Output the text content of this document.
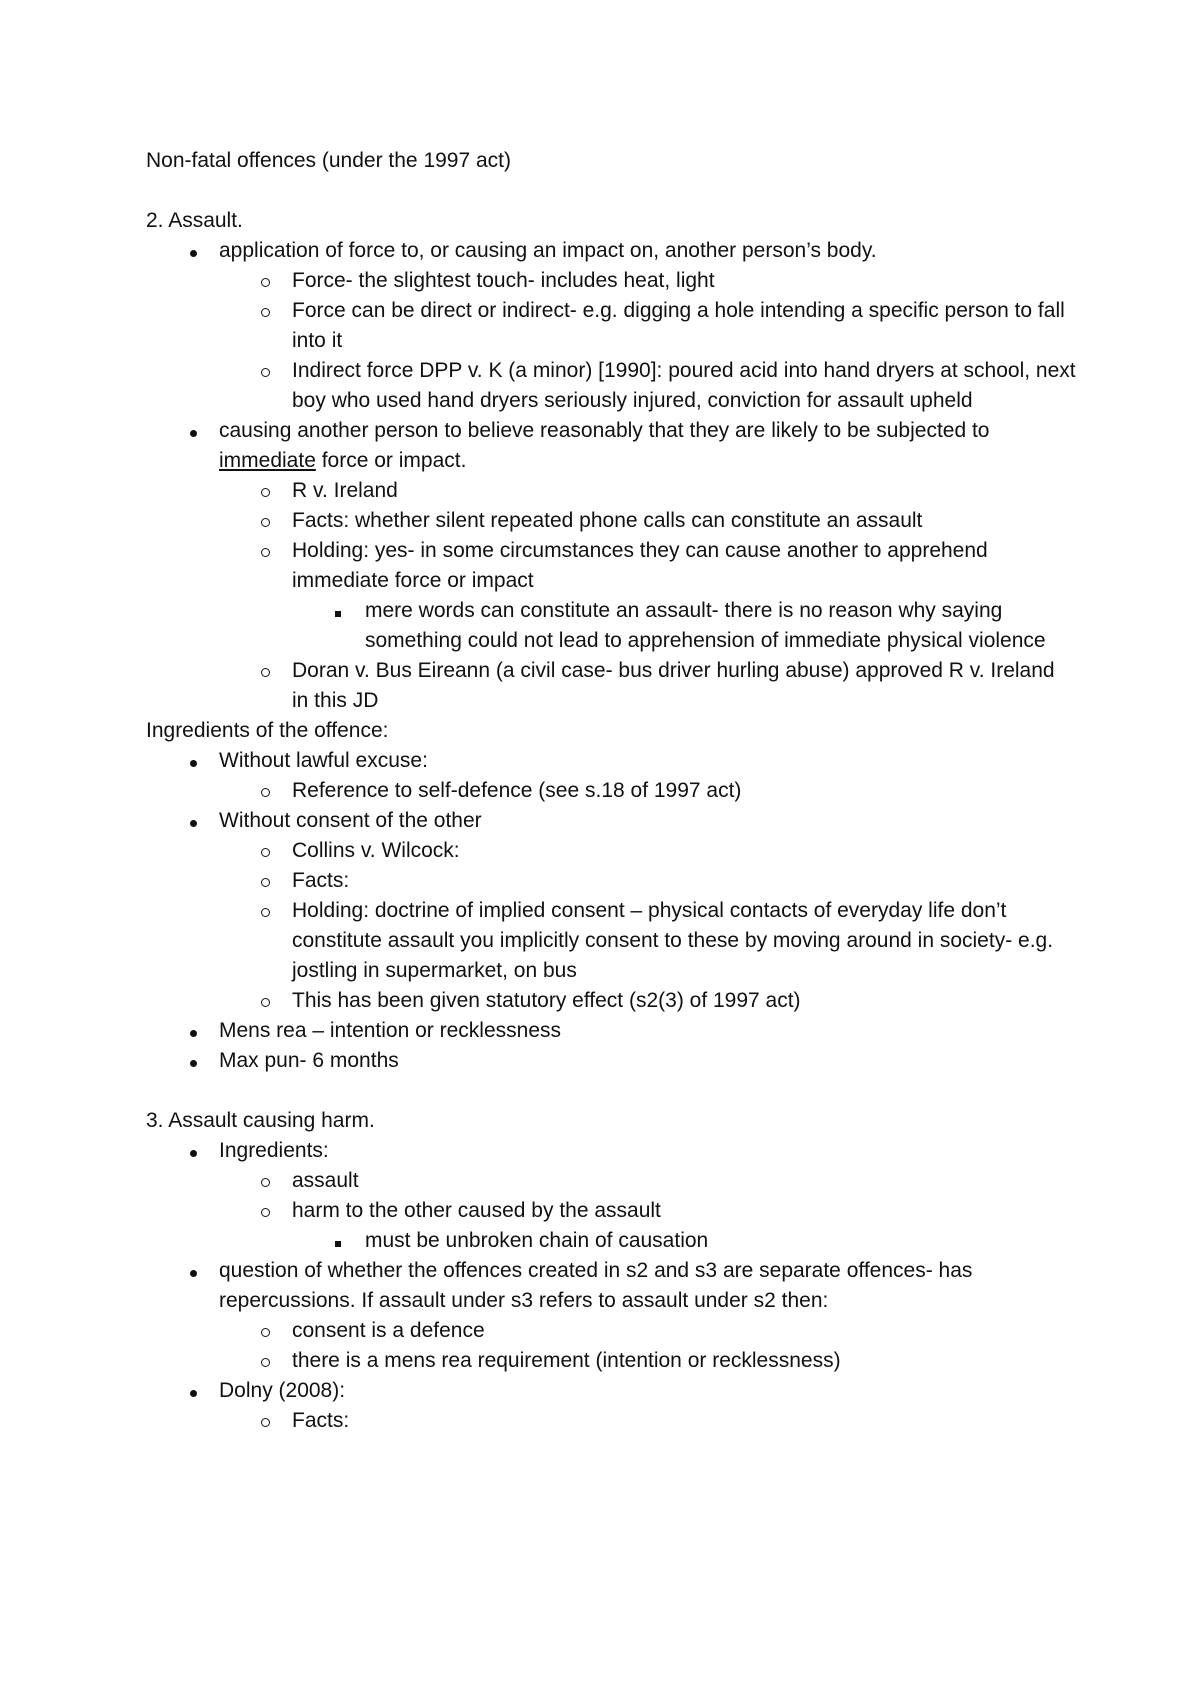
Non-fatal offences (under the 1997 act)

2. Assault.

application of force to, or causing an impact on, another person’s body.
Force- the slightest touch- includes heat, light
Force can be direct or indirect- e.g. digging a hole intending a specific person to fall into it
Indirect force DPP v. K (a minor) [1990]: poured acid into hand dryers at school, next boy who used hand dryers seriously injured, conviction for assault upheld
causing another person to believe reasonably that they are likely to be subjected to immediate force or impact.
R v. Ireland
Facts: whether silent repeated phone calls can constitute an assault
Holding: yes- in some circumstances they can cause another to apprehend immediate force or impact
mere words can constitute an assault- there is no reason why saying something could not lead to apprehension of immediate physical violence
Doran v. Bus Eireann (a civil case- bus driver hurling abuse) approved R v. Ireland in this JD

Ingredients of the offence:

Without lawful excuse:
Reference to self-defence (see s.18 of 1997 act)
Without consent of the other
Collins v. Wilcock:
Facts:
Holding: doctrine of implied consent – physical contacts of everyday life don’t constitute assault you implicitly consent to these by moving around in society- e.g. jostling in supermarket, on bus
This has been given statutory effect (s2(3) of 1997 act)
Mens rea – intention or recklessness
Max pun- 6 months

3. Assault causing harm.

Ingredients:
assault
harm to the other caused by the assault
must be unbroken chain of causation
question of whether the offences created in s2 and s3 are separate offences- has repercussions. If assault under s3 refers to assault under s2 then:
consent is a defence
there is a mens rea requirement (intention or recklessness)
Dolny (2008):
Facts:
